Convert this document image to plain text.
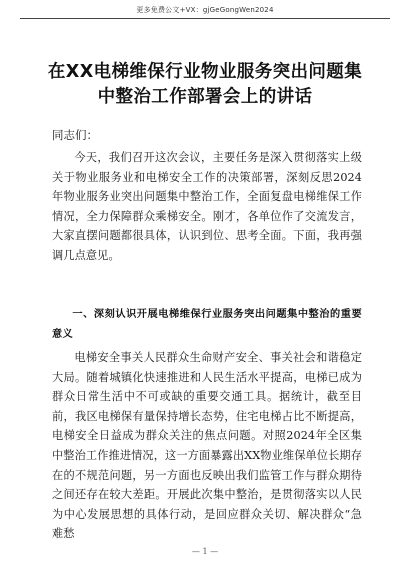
更多免费公文+VX：gjGeGongWen2024
在XX电梯维保行业物业服务突出问题集
中整治工作部署会上的讲话
同志们：
今天，我们召开这次会议，主要任务是深入贯彻落实上级关于物业服务业和电梯安全工作的决策部署，深刻反思2024年物业服务业突出问题集中整治工作，全面复盘电梯维保工作情况，全力保障群众乘梯安全。刚才，各单位作了交流发言，大家直摆问题都很具体，认识到位、思考全面。下面，我再强调几点意见。
一、深刻认识开展电梯维保行业服务突出问题集中整治的重要意义
电梯安全事关人民群众生命财产安全、事关社会和谐稳定大局。随着城镇化快速推进和人民生活水平提高，电梯已成为群众日常生活中不可或缺的重要交通工具。据统计，截至目前，我区电梯保有量保持增长态势，住宅电梯占比不断提高，电梯安全日益成为群众关注的焦点问题。对照2024年全区集中整治工作推进情况，这一方面暴露出XX物业维保单位长期存在的不规范问题，另一方面也反映出我们监管工作与群众期待之间还存在较大差距。开展此次集中整治，是贯彻落实以人民为中心发展思想的具体行动，是回应群众关切、解决群众“急难愁
— 1 —
